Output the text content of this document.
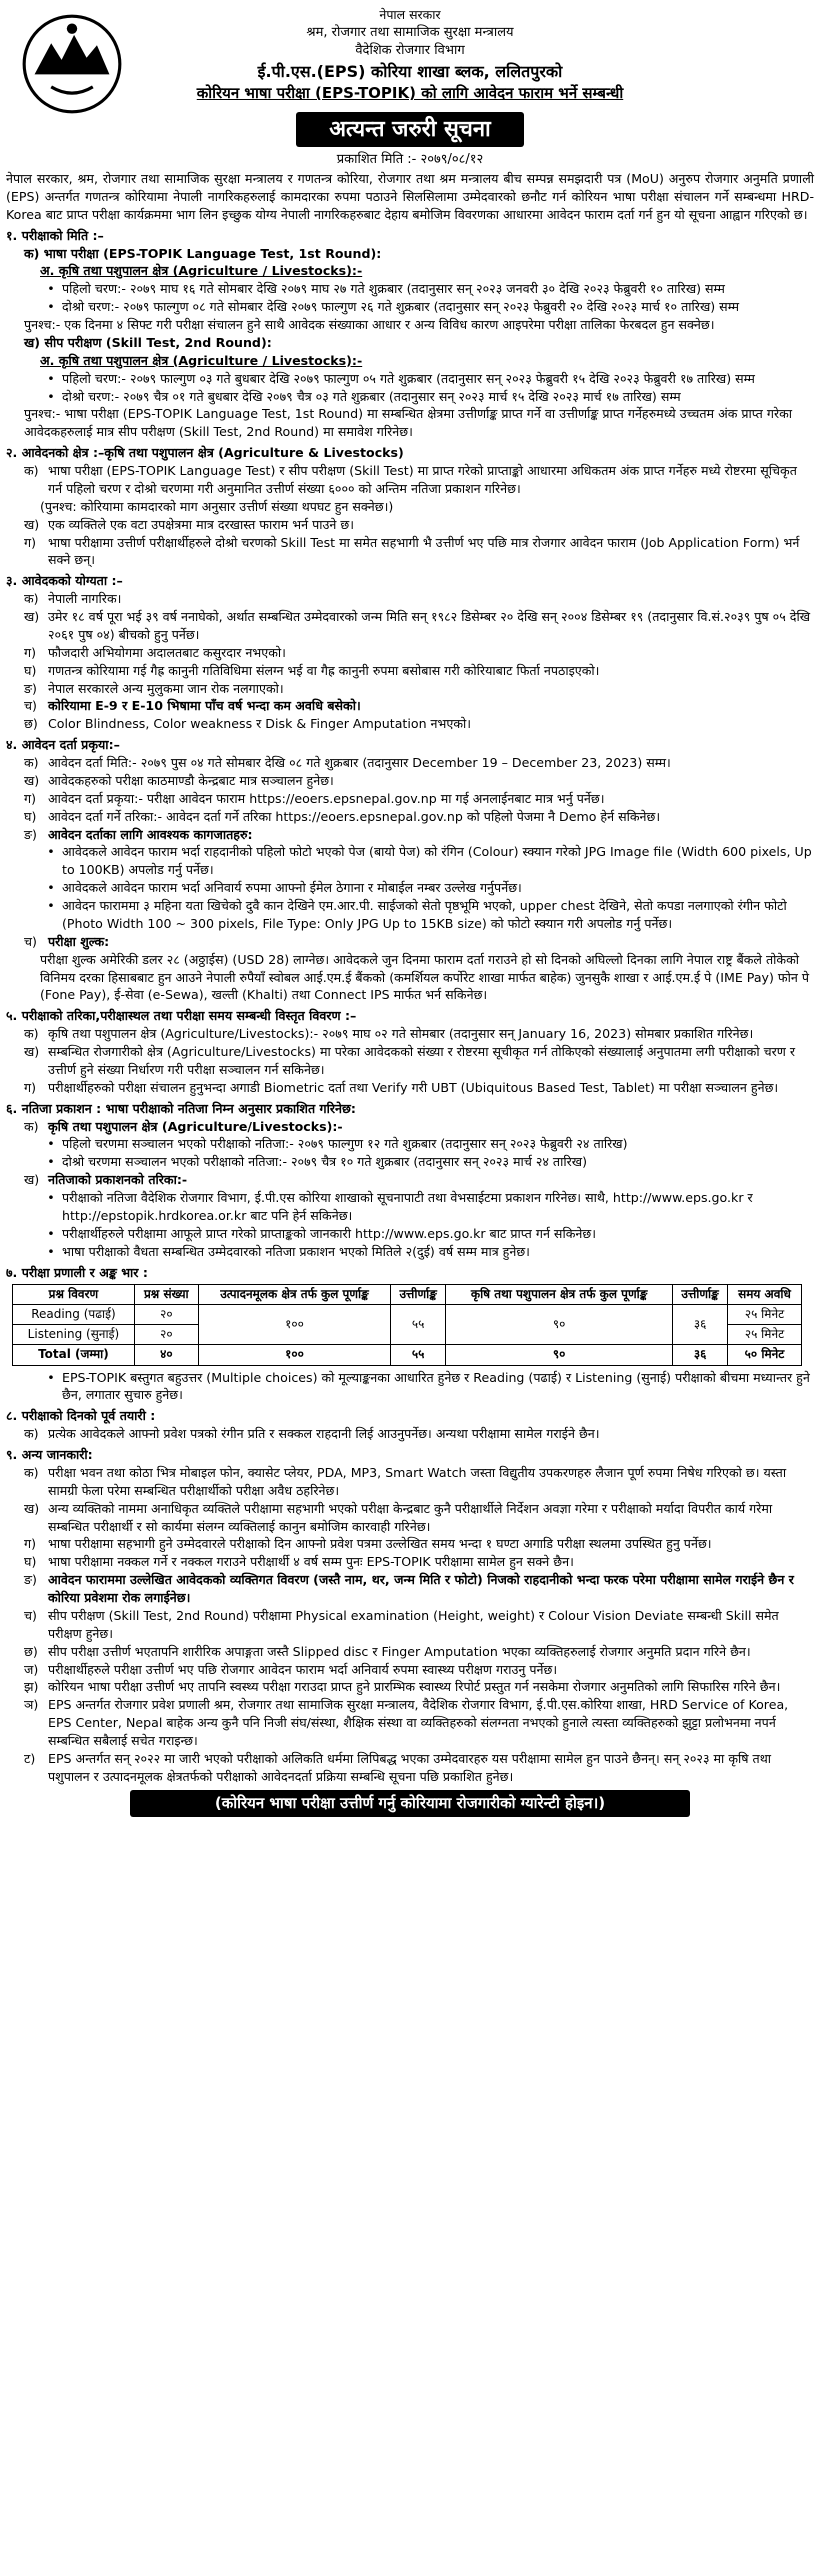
नेपाल सरकार
श्रम, रोजगार तथा सामाजिक सुरक्षा मन्त्रालय
वैदेशिक रोजगार विभाग
ई.पी.एस.(EPS) कोरिया शाखा ब्लक, ललितपुरको
कोरियन भाषा परीक्षा (EPS-TOPIK) को लागि आवेदन फाराम भर्ने सम्बन्धी
अत्यन्त जरुरी सूचना
प्रकाशित मिति :- २०७९/०८/१२

नेपाल सरकार, श्रम, रोजगार तथा सामाजिक सुरक्षा मन्त्रालय र गणतन्त्र कोरिया, रोजगार तथा श्रम मन्त्रालय बीच सम्पन्न समझदारी पत्र (MoU) अनुरुप रोजगार अनुमति प्रणाली (EPS) अन्तर्गत गणतन्त्र कोरियामा नेपाली नागरिकहरुलाई कामदारका रुपमा पठाउने सिलसिलामा उम्मेदवारको छनौट गर्न कोरियन भाषा परीक्षा संचालन गर्ने सम्बन्धमा HRD-Korea बाट प्राप्त परीक्षा कार्यक्रममा भाग लिन इच्छुक योग्य नेपाली नागरिकहरुबाट देहाय बमोजिम विवरणका आधारमा आवेदन फाराम दर्ता गर्न हुन यो सूचना आह्वान गरिएको छ।

१. परीक्षाको मिति :–
क) भाषा परीक्षा (EPS-TOPIK Language Test, 1st Round):
अ. कृषि तथा पशुपालन क्षेत्र (Agriculture / Livestocks):-
• पहिलो चरण:- २०७९ माघ १६ गते सोमबार देखि २०७९ माघ २७ गते शुक्रबार (तदानुसार सन् २०२३ जनवरी ३० देखि २०२३ फेब्रुवरी १० तारिख) सम्म
• दोश्रो चरण:- २०७९ फाल्गुण ०८ गते सोमबार देखि २०७९ फाल्गुण २६ गते शुक्रबार (तदानुसार सन् २०२३ फेब्रुवरी २० देखि २०२३ मार्च १० तारिख) सम्म
पुनश्च:- एक दिनमा ४ सिफ्ट गरी परीक्षा संचालन हुने साथै आवेदक संख्याका आधार र अन्य विविध कारण आइपरेमा परीक्षा तालिका फेरबदल हुन सक्नेछ।
ख) सीप परीक्षण (Skill Test, 2nd Round):
अ. कृषि तथा पशुपालन क्षेत्र (Agriculture / Livestocks):-
• पहिलो चरण:- २०७९ फाल्गुण ०३ गते बुधबार देखि २०७९ फाल्गुण ०५ गते शुक्रबार (तदानुसार सन् २०२३ फेब्रुवरी १५ देखि २०२३ फेब्रुवरी १७ तारिख) सम्म
• दोश्रो चरण:- २०७९ चैत्र ०१ गते बुधबार देखि २०७९ चैत्र ०३ गते शुक्रबार (तदानुसार सन् २०२३ मार्च १५ देखि २०२३ मार्च १७ तारिख) सम्म
पुनश्च:- भाषा परीक्षा (EPS-TOPIK Language Test, 1st Round) मा सम्बन्धित क्षेत्रमा उत्तीर्णाङ्क प्राप्त गर्ने वा उत्तीर्णाङ्क प्राप्त गर्नेहरुमध्ये उच्चतम अंक प्राप्त गरेका आवेदकहरुलाई मात्र सीप परीक्षण (Skill Test, 2nd Round) मा समावेश गरिनेछ।
२. आवेदनको क्षेत्र :–कृषि तथा पशुपालन क्षेत्र (Agriculture & Livestocks)
क) भाषा परीक्षा (EPS-TOPIK Language Test) र सीप परीक्षण (Skill Test) मा प्राप्त गरेको प्राप्ताङ्को आधारमा अधिकतम अंक प्राप्त गर्नेहरु मध्ये रोष्टरमा सूचिकृत गर्न पहिलो चरण र दोश्रो चरणमा गरी अनुमानित उत्तीर्ण संख्या ६००० को अन्तिम नतिजा प्रकाशन गरिनेछ।
(पुनश्च: कोरियामा कामदारको माग अनुसार उत्तीर्ण संख्या थपघट हुन सक्नेछ।)
ख) एक व्यक्तिले एक वटा उपक्षेत्रमा मात्र दरखास्त फाराम भर्न पाउने छ।
ग) भाषा परीक्षामा उत्तीर्ण परीक्षार्थीहरुले दोश्रो चरणको Skill Test मा समेत सहभागी भै उत्तीर्ण भए पछि मात्र रोजगार आवेदन फाराम (Job Application Form) भर्न सक्ने छन्।
३. आवेदकको योग्यता :–
क) नेपाली नागरिक।
ख) उमेर १८ वर्ष पूरा भई ३९ वर्ष ननाघेको, अर्थात सम्बन्धित उम्मेदवारको जन्म मिति सन् १९८२ डिसेम्बर २० देखि सन् २००४ डिसेम्बर १९ (तदानुसार वि.सं.२०३९ पुष ०५ देखि २०६१ पुष ०४) बीचको हुनु पर्नेछ।
ग) फौजदारी अभियोगमा अदालतबाट कसुरदार नभएको।
घ) गणतन्त्र कोरियामा गई गैह्र कानुनी गतिविधिमा संलग्न भई वा गैह्र कानुनी रुपमा बसोबास गरी कोरियाबाट फिर्ता नपठाइएको।
ङ) नेपाल सरकारले अन्य मुलुकमा जान रोक नलगाएको।
च) कोरियामा E-9 र E-10 भिषामा पाँच वर्ष भन्दा कम अवधि बसेको।
छ) Color Blindness, Color weakness र Disk & Finger Amputation नभएको।
४. आवेदन दर्ता प्रकृया:–
क) आवेदन दर्ता मिति:- २०७९ पुस ०४ गते सोमबार देखि ०८ गते शुक्रबार (तदानुसार December 19 – December 23, 2023) सम्म।
ख) आवेदकहरुको परीक्षा काठमाण्डौ केन्द्रबाट मात्र सञ्चालन हुनेछ।
ग) आवेदन दर्ता प्रकृया:- परीक्षा आवेदन फाराम https://eoers.epsnepal.gov.np मा गई अनलाईनबाट मात्र भर्नु पर्नेछ।
घ) आवेदन दर्ता गर्ने तरिका:- आवेदन दर्ता गर्ने तरिका https://eoers.epsnepal.gov.np को पहिलो पेजमा नै Demo हेर्न सकिनेछ।
ङ) आवेदन दर्ताका लागि आवश्यक कागजातहरु:
• आवेदकले आवेदन फाराम भर्दा राहदानीको पहिलो फोटो भएको पेज (बायो पेज) को रंगिन (Colour) स्क्यान गरेको JPG Image file (Width 600 pixels, Up to 100KB) अपलोड गर्नु पर्नेछ।
• आवेदकले आवेदन फाराम भर्दा अनिवार्य रुपमा आफ्नो ईमेल ठेगाना र मोबाईल नम्बर उल्लेख गर्नुपर्नेछ।
• आवेदन फाराममा ३ महिना यता खिचेको दुवै कान देखिने एम.आर.पी. साईजको सेतो पृष्ठभूमि भएको, upper chest देखिने, सेतो कपडा नलगाएको रंगीन फोटो (Photo Width 100 ~ 300 pixels, File Type: Only JPG Up to 15KB size) को फोटो स्क्यान गरी अपलोड गर्नु पर्नेछ।
च) परीक्षा शुल्क:
परीक्षा शुल्क अमेरिकी डलर २८ (अठ्ठाईस) (USD 28) लाग्नेछ। आवेदकले जुन दिनमा फाराम दर्ता गराउने हो सो दिनको अघिल्लो दिनका लागि नेपाल राष्ट्र बैंकले तोकेको विनिमय दरका हिसाबबाट हुन आउने नेपाली रुपैयाँ स्वोबल आई.एम.ई बैंकको (कमर्शियल कर्पोरेट शाखा मार्फत बाहेक) जुनसुकै शाखा र आई.एम.ई पे (IME Pay) फोन पे (Fone Pay), ई-सेवा (e-Sewa), खल्ती (Khalti) तथा Connect IPS मार्फत भर्न सकिनेछ।
५. परीक्षाको तरिका,परीक्षास्थल तथा परीक्षा समय सम्बन्धी विस्तृत विवरण :–
क) कृषि तथा पशुपालन क्षेत्र (Agriculture/Livestocks):- २०७९ माघ ०२ गते सोमबार (तदानुसार सन् January 16, 2023) सोमबार प्रकाशित गरिनेछ।
ख) सम्बन्धित रोजगारीको क्षेत्र (Agriculture/Livestocks) मा परेका आवेदकको संख्या र रोष्टरमा सूचीकृत गर्न तोकिएको संख्यालाई अनुपातमा लगी परीक्षाको चरण र उत्तीर्ण हुने संख्या निर्धारण गरी परीक्षा सञ्चालन गर्न सकिनेछ।
ग) परीक्षार्थीहरुको परीक्षा संचालन हुनुभन्दा अगाडी Biometric दर्ता तथा Verify गरी UBT (Ubiquitous Based Test, Tablet) मा परीक्षा सञ्चालन हुनेछ।
६. नतिजा प्रकाशन : भाषा परीक्षाको नतिजा निम्न अनुसार प्रकाशित गरिनेछ:
क) कृषि तथा पशुपालन क्षेत्र (Agriculture/Livestocks):-
• पहिलो चरणमा सञ्चालन भएको परीक्षाको नतिजा:- २०७९ फाल्गुण १२ गते शुक्रबार (तदानुसार सन् २०२३ फेब्रुवरी २४ तारिख)
• दोश्रो चरणमा सञ्चालन भएको परीक्षाको नतिजा:- २०७९ चैत्र १० गते शुक्रबार (तदानुसार सन् २०२३ मार्च २४ तारिख)
ख) नतिजाको प्रकाशनको तरिका:-
• परीक्षाको नतिजा वैदेशिक रोजगार विभाग, ई.पी.एस कोरिया शाखाको सूचनापाटी तथा वेभसाईटमा प्रकाशन गरिनेछ। साथै, http://www.eps.go.kr र http://epstopik.hrdkorea.or.kr बाट पनि हेर्न सकिनेछ।
• परीक्षार्थीहरुले परीक्षामा आफूले प्राप्त गरेको प्राप्ताङ्कको जानकारी http://www.eps.go.kr बाट प्राप्त गर्न सकिनेछ।
• भाषा परीक्षाको वैधता सम्बन्धित उम्मेदवारको नतिजा प्रकाशन भएको मितिले २(दुई) वर्ष सम्म मात्र हुनेछ।
७. परीक्षा प्रणाली र अङ्क भार :
प्रश्न विवरण	प्रश्न संख्या	उत्पादनमूलक क्षेत्र तर्फ कुल पूर्णाङ्क	उत्तीर्णाङ्क	कृषि तथा पशुपालन क्षेत्र तर्फ कुल पूर्णाङ्क	उत्तीर्णाङ्क	समय अवधि
Reading (पढाई)	२०	१००	५५	९०	३६	२५ मिनेट
Listening (सुनाई)	२०					२५ मिनेट
Total (जम्मा)	४०	१००	५५	९०	३६	५० मिनेट
• EPS-TOPIK बस्तुगत बहुउत्तर (Multiple choices) को मूल्याङ्कनका आधारित हुनेछ र Reading (पढाई) र Listening (सुनाई) परीक्षाको बीचमा मध्यान्तर हुने छैन, लगातार सुचारु हुनेछ।
८. परीक्षाको दिनको पूर्व तयारी :
क) प्रत्येक आवेदकले आफ्नो प्रवेश पत्रको रंगीन प्रति र सक्कल राहदानी लिई आउनुपर्नेछ। अन्यथा परीक्षामा सामेल गराईने छैन।
९. अन्य जानकारी:
क) परीक्षा भवन तथा कोठा भित्र मोबाइल फोन, क्यासेट प्लेयर, PDA, MP3, Smart Watch जस्ता विद्युतीय उपकरणहरु लैजान पूर्ण रुपमा निषेध गरिएको छ। यस्ता सामग्री फेला परेमा सम्बन्धित परीक्षार्थीको परीक्षा अवैध ठहरिनेछ।
ख) अन्य व्यक्तिको नाममा अनाधिकृत व्यक्तिले परीक्षामा सहभागी भएको परीक्षा केन्द्रबाट कुनै परीक्षार्थीले निर्देशन अवज्ञा गरेमा र परीक्षाको मर्यादा विपरीत कार्य गरेमा सम्बन्धित परीक्षार्थी र सो कार्यमा संलग्न व्यक्तिलाई कानुन बमोजिम कारवाही गरिनेछ।
ग) भाषा परीक्षामा सहभागी हुने उम्मेदवारले परीक्षाको दिन आफ्नो प्रवेश पत्रमा उल्लेखित समय भन्दा १ घण्टा अगाडि परीक्षा स्थलमा उपस्थित हुनु पर्नेछ।
घ) भाषा परीक्षामा नक्कल गर्ने र नक्कल गराउने परीक्षार्थी ४ वर्ष सम्म पुनः EPS-TOPIK परीक्षामा सामेल हुन सक्ने छैन।
ङ) आवेदन फाराममा उल्लेखित आवेदकको व्यक्तिगत विवरण (जस्तै नाम, थर, जन्म मिति र फोटो) निजको राहदानीको भन्दा फरक परेमा परीक्षामा सामेल गराईने छैन र कोरिया प्रवेशमा रोक लगाईनेछ।
च) सीप परीक्षण (Skill Test, 2nd Round) परीक्षामा Physical examination (Height, weight) र Colour Vision Deviate सम्बन्धी Skill समेत परीक्षण हुनेछ।
छ) सीप परीक्षा उत्तीर्ण भएतापनि शारीरिक अपाङ्गता जस्तै Slipped disc र Finger Amputation भएका व्यक्तिहरुलाई रोजगार अनुमति प्रदान गरिने छैन।
ज) परीक्षार्थीहरुले परीक्षा उत्तीर्ण भए पछि रोजगार आवेदन फाराम भर्दा अनिवार्य रुपमा स्वास्थ्य परीक्षण गराउनु पर्नेछ।
झ) कोरियन भाषा परीक्षा उत्तीर्ण भए तापनि स्वस्थ्य परीक्षा गराउदा प्राप्त हुने प्रारम्भिक स्वास्थ्य रिपोर्ट प्रस्तुत गर्न नसकेमा रोजगार अनुमतिको लागि सिफारिस गरिने छैन।
ञ) EPS अन्तर्गत रोजगार प्रवेश प्रणाली श्रम, रोजगार तथा सामाजिक सुरक्षा मन्त्रालय, वैदेशिक रोजगार विभाग, ई.पी.एस.कोरिया शाखा, HRD Service of Korea, EPS Center, Nepal बाहेक अन्य कुनै पनि निजी संघ/संस्था, शैक्षिक संस्था वा व्यक्तिहरुको संलग्नता नभएको हुनाले त्यस्ता व्यक्तिहरुको झुट्टा प्रलोभनमा नपर्न सम्बन्धित सबैलाई सचेत गराइन्छ।
ट)	EPS अन्तर्गत सन् २०२२ मा जारी भएको परीक्षाको अलिकति धर्ममा लिपिबद्ध भएका उम्मेदवारहरु यस परीक्षामा सामेल हुन पाउने छैनन्। सन् २०२३ मा कृषि तथा पशुपालन र उत्पादनमूलक क्षेत्रतर्फको परीक्षाको आवेदनदर्ता प्रक्रिया सम्बन्धि सूचना पछि प्रकाशित हुनेछ।
(कोरियन भाषा परीक्षा उत्तीर्ण गर्नु कोरियामा रोजगारीको ग्यारेन्टी होइन।)
